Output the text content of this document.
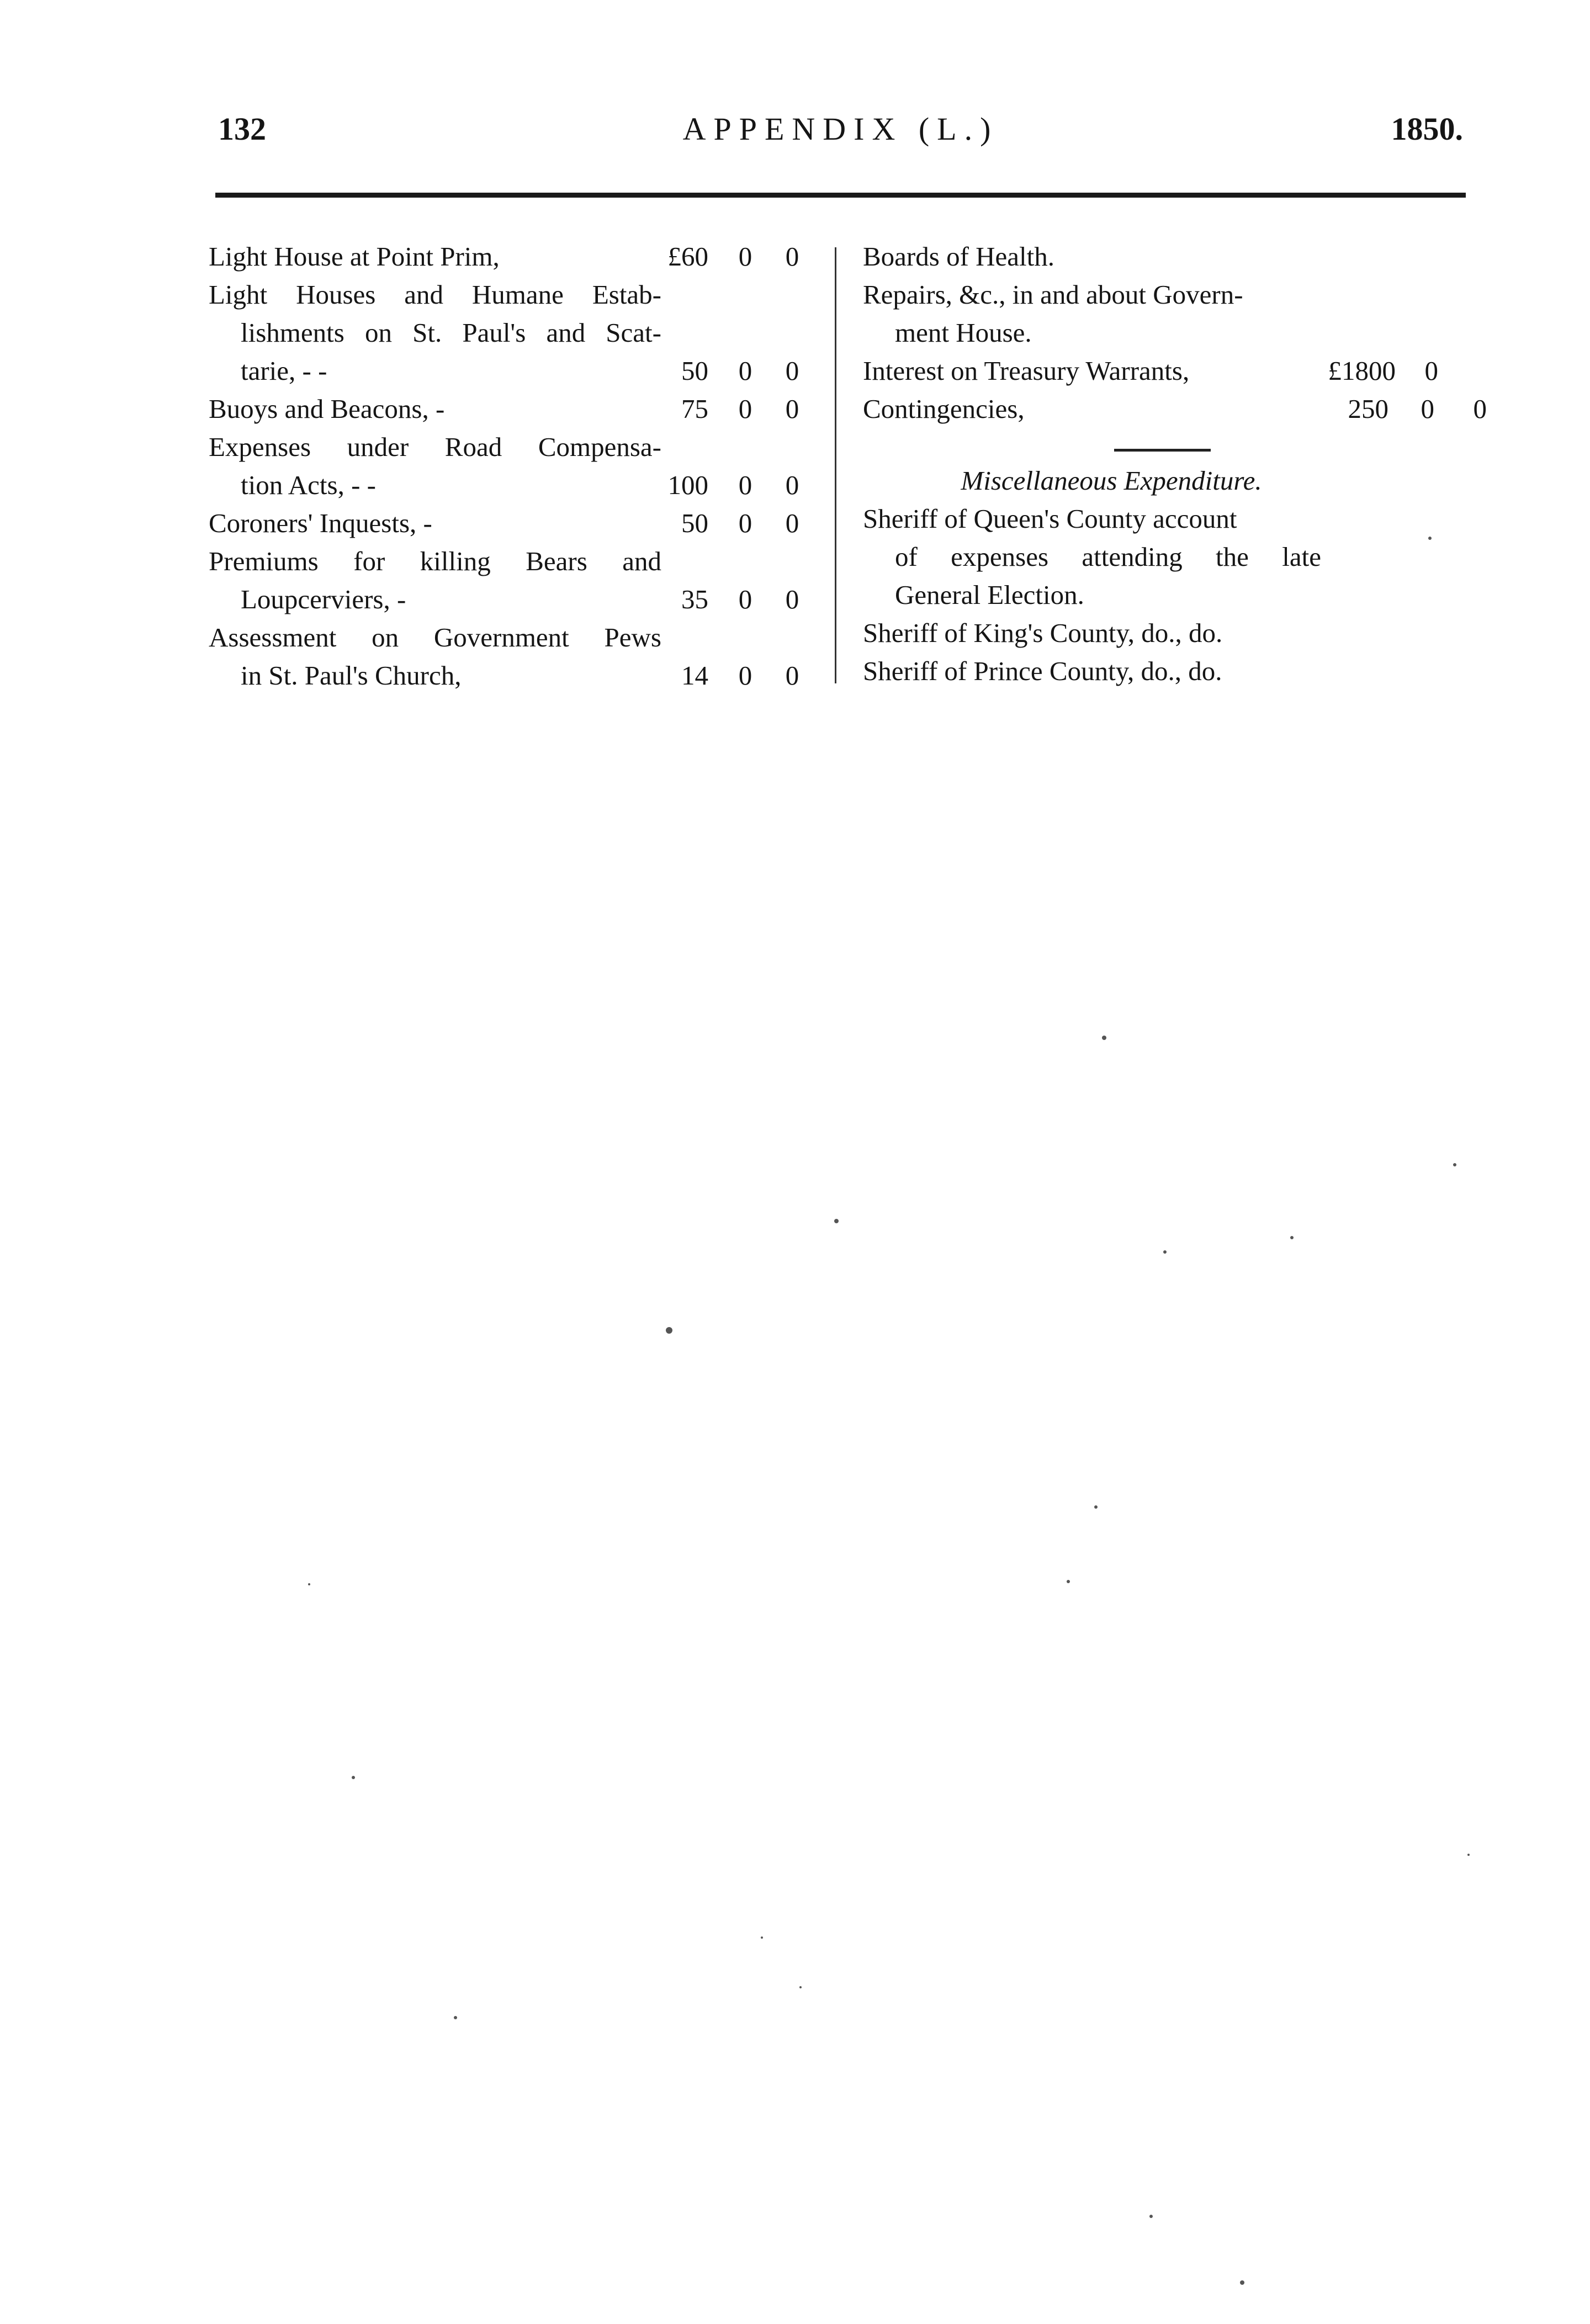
132	APPENDIX (L.)	1850.
Light House at Point Prim,	£60	0	0
Light Houses and Humane Estab-
lishments on St. Paul's and Scat-
tarie, - -	50	0	0
Buoys and Beacons, -	75	0	0
Expenses under Road Compensa-
tion Acts, - -	100	0	0
Coroners' Inquests, -	50	0	0
Premiums for killing Bears and
Loupcerviers, -	35	0	0
Assessment on Government Pews
in St. Paul's Church,	14	0	0
Boards of Health.
Repairs, &c., in and about Govern-
ment House.
Interest on Treasury Warrants,	£1800 0
Contingencies,	250 0 0
Miscellaneous Expenditure.
Sheriff of Queen's County account
of expenses attending the late
General Election.
Sheriff of King's County, do., do.
Sheriff of Prince County, do., do.
